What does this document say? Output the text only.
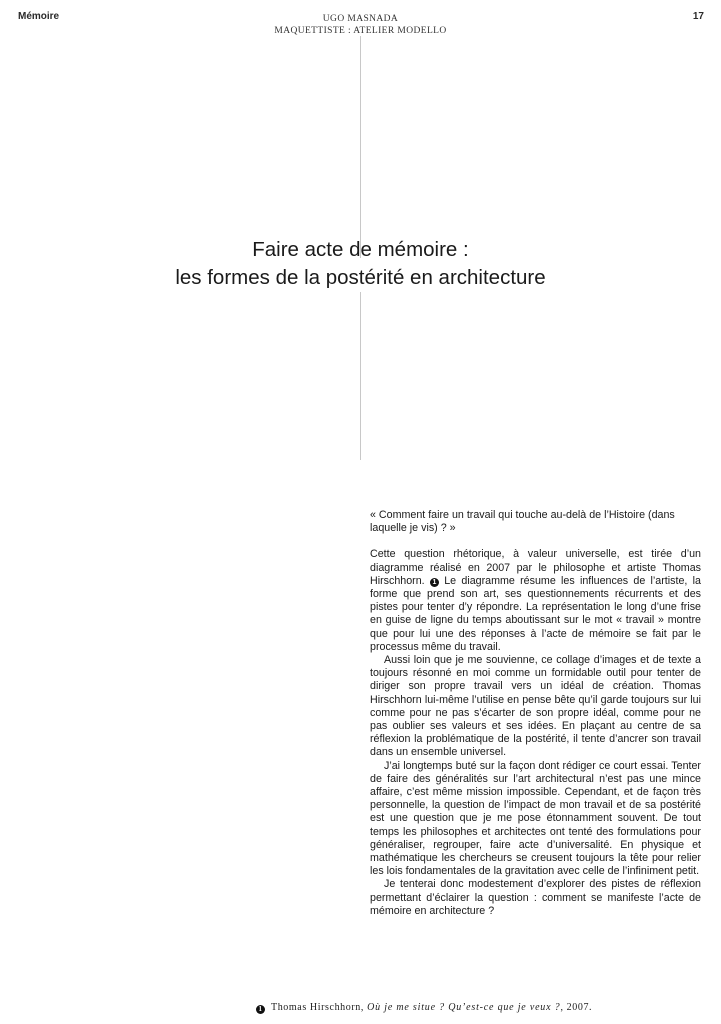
Mémoire	17
UGO MASNADA
MAQUETTISTE : ATELIER MODELLO
Faire acte de mémoire :
les formes de la postérité en architecture

« Comment faire un travail qui touche au-delà de l’Histoire (dans laquelle je vis) ? »

Cette question rhétorique, à valeur universelle, est tirée d’un diagramme réalisé en 2007 par le philosophe et artiste Thomas Hirschhorn. 1 Le diagramme résume les influences de l’artiste, la forme que prend son art, ses questionnements récurrents et des pistes pour tenter d’y répondre. La représentation le long d’une frise en guise de ligne du temps aboutissant sur le mot « travail » montre que pour lui une des réponses à l’acte de mémoire se fait par le processus même du travail.

Aussi loin que je me souvienne, ce collage d’images et de texte a toujours résonné en moi comme un formidable outil pour tenter de diriger son propre travail vers un idéal de création. Thomas Hirschhorn lui-même l’utilise en pense bête qu’il garde toujours sur lui comme pour ne pas s’écarter de son propre idéal, comme pour ne pas oublier ses valeurs et ses idées. En plaçant au centre de sa réflexion la problématique de la postérité, il tente d’ancrer son travail dans un ensemble universel.

J’ai longtemps buté sur la façon dont rédiger ce court essai. Tenter de faire des généralités sur l’art architectural n’est pas une mince affaire, c’est même mission impossible. Cependant, et de façon très personnelle, la question de l’impact de mon travail et de sa postérité est une question que je me pose étonnamment souvent. De tout temps les philosophes et architectes ont tenté des formulations pour généraliser, regrouper, faire acte d’universalité. En physique et mathématique les chercheurs se creusent toujours la tête pour relier les lois fondamentales de la gravitation avec celle de l’infiniment petit.

Je tenterai donc modestement d’explorer des pistes de réflexion permettant d’éclairer la question : comment se manifeste l’acte de mémoire en architecture ?

1 Thomas Hirschhorn, Où je me situe ? Qu’est-ce que je veux ?, 2007.
